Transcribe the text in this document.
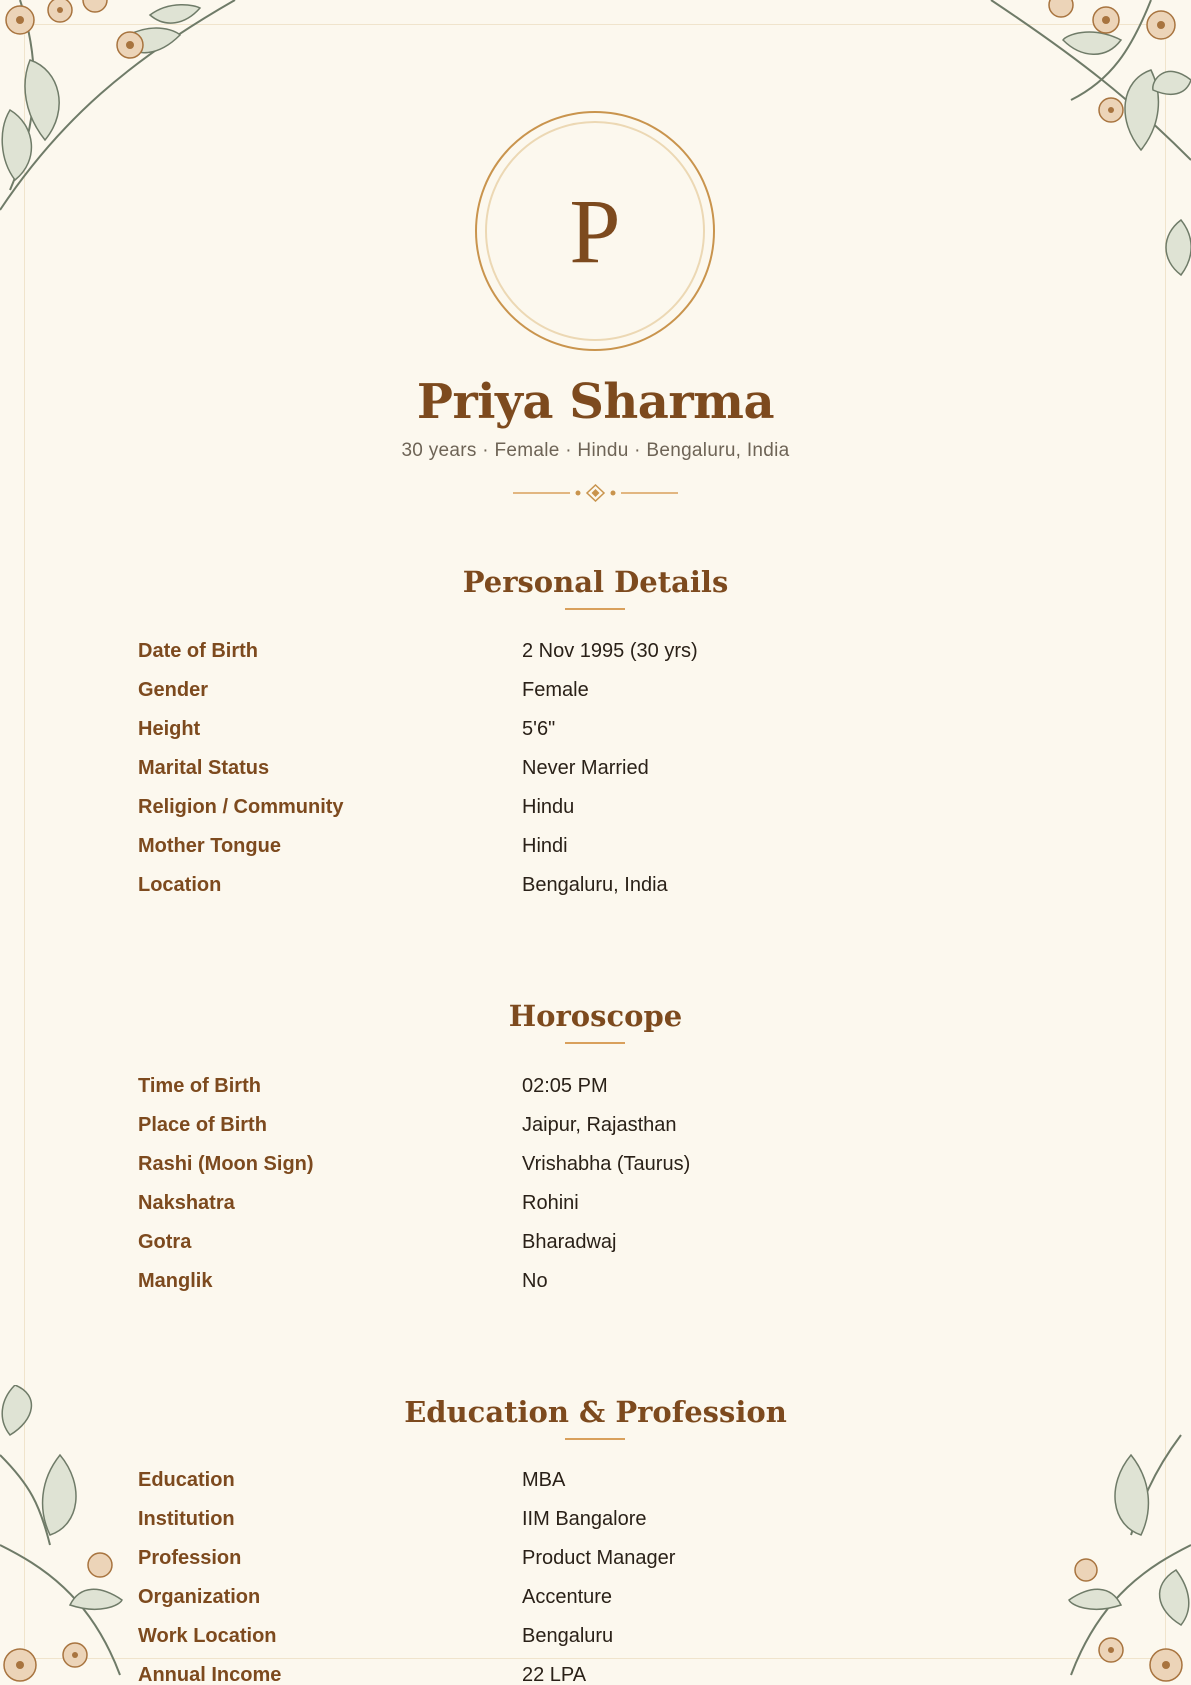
P
Priya Sharma
30 years · Female · Hindu · Bengaluru, India
Personal Details
Date of Birth	2 Nov 1995 (30 yrs)
Gender	Female
Height	5'6"
Marital Status	Never Married
Religion / Community	Hindu
Mother Tongue	Hindi
Location	Bengaluru, India
Horoscope
Time of Birth	02:05 PM
Place of Birth	Jaipur, Rajasthan
Rashi (Moon Sign)	Vrishabha (Taurus)
Nakshatra	Rohini
Gotra	Bharadwaj
Manglik	No
Education & Profession
Education	MBA
Institution	IIM Bangalore
Profession	Product Manager
Organization	Accenture
Work Location	Bengaluru
Annual Income	22 LPA
